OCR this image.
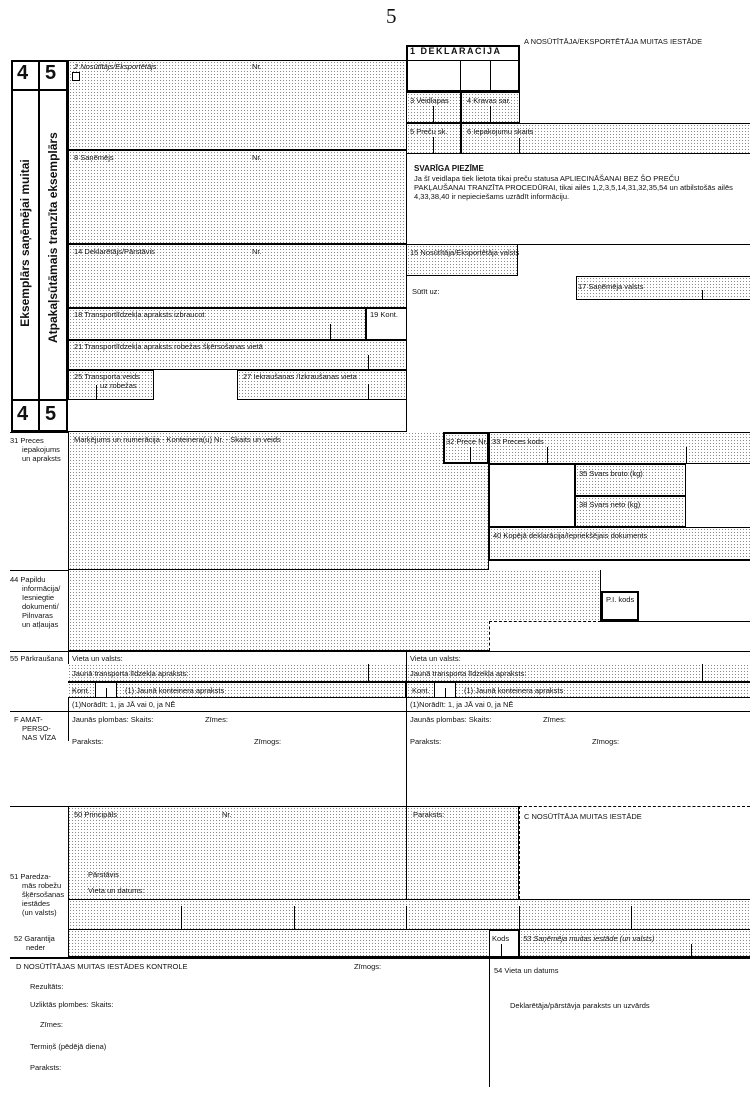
5
4 5
4 5
Eksemplārs saņēmējai muitai Atpakaļsūtāmais tranzīta eksemplārs
2 Nosūtītājs/Eksportētājs	Nr.
8 Saņēmējs	Nr.
14 Deklarētājs/Pārstāvis	Nr.
18 Transportlīdzekļa apraksts izbraucot	19 Kont.
21 Transportlīdzekļa apraksts robežas šķērsošanas vietā
25 Transporta veids
uz robežas
27 Iekraušanas /Izkraušanas vieta
1 DEKLARĀCIJA
A NOSŪTĪTĀJA/EKSPORTĒTĀJA MUITAS IESTĀDE
3 Veidlapas 4 Kravas sar.
5 Preču sk.	6 Iepakojumu skaits
SVARĪGA PIEZĪME
Ja šī veidlapa tiek lietota tikai preču statusa APLIECINĀŠANAI BEZ ŠO PREČU
PAKĻAUŠANAI TRANZĪTA PROCEDŪRAI, tikai ailēs 1,2,3,5,14,31,32,35,54 un atbilstošās ailēs
4,33,38,40 ir nepieciešams uzrādīt informāciju.
15 Nosūtītāja/Eksportētāja valsts
17 Saņēmēja valsts
Sūtīt uz:
31 Preces
iepakojums
un apraksts
Marķējums un numerācija - Konteinera(u) Nr. - Skaits un veids	32 Prece Nr. 33 Preces kods
35 Svars bruto (kg)
38 Svars neto (kg)
40 Kopējā deklarācija/Iepriekšējais dokuments
44 Papildu
informācija/
Iesniegtie
dokumenti/
Pilnvaras
un atļaujas
P.I. kods
55 Pārkraušana Vieta un valsts:	Vieta un valsts:
Jaunā transporta līdzekļa apraksts:	Jaunā transporta līdzekļa apraksts:
Kont.	(1) Jaunā konteinera apraksts	Kont.	(1) Jaunā konteinera apraksts
(1)Norādīt: 1, ja JĀ vai 0, ja NĒ	(1)Norādīt: 1, ja JĀ vai 0, ja NĒ
F AMAT-
PERSO-
NAS VĪZA
Jaunās plombas: Skaits:	Zīmes:
Paraksts:	Zīmogs:
Jaunās plombas: Skaits:	Zīmes:
Paraksts:	Zīmogs:
50 Principāls	Nr.	Paraksts:	C NOSŪTĪTĀJA MUITAS IESTĀDE
Pārstāvis
Vieta un datums:
51 Paredza-
mās robežu
šķērsošanas
iestādes
(un valsts)
52 Garantija
neder
Kods 53 Saņēmēja muitas iestāde (un valsts)
D NOSŪTĪTĀJAS MUITAS IESTĀDES KONTROLE	Zīmogs:
Rezultāts:
Uzliktās plombes: Skaits:
Zīmes:
Termiņš (pēdējā diena)
Paraksts:
54 Vieta un datums
Deklarētāja/pārstāvja paraksts un uzvārds
